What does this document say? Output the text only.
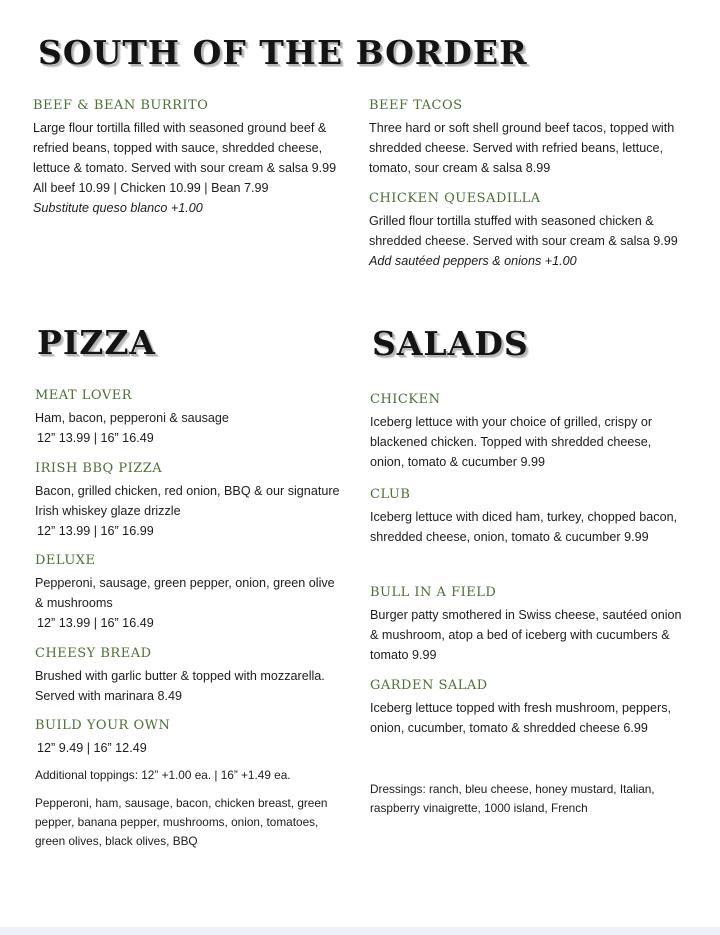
SOUTH OF THE BORDER

BEEF & BEAN BURRITO

Large flour tortilla filled with seasoned ground beef & refried beans, topped with sauce, shredded cheese, lettuce & tomato. Served with sour cream & salsa 9.99

All beef 10.99 | Chicken 10.99 | Bean 7.99

Substitute queso blanco +1.00

BEEF TACOS

Three hard or soft shell ground beef tacos, topped with shredded cheese. Served with refried beans, lettuce, tomato, sour cream & salsa 8.99

CHICKEN QUESADILLA

Grilled flour tortilla stuffed with seasoned chicken & shredded cheese. Served with sour cream & salsa 9.99

Add sautéed peppers & onions +1.00

PIZZA

MEAT LOVER

Ham, bacon, pepperoni & sausage

12” 13.99 | 16” 16.49

IRISH BBQ PIZZA

Bacon, grilled chicken, red onion, BBQ & our signature Irish whiskey glaze drizzle

12” 13.99 | 16” 16.99

DELUXE

Pepperoni, sausage, green pepper, onion, green olive & mushrooms

12” 13.99 | 16” 16.49

CHEESY BREAD

Brushed with garlic butter & topped with mozzarella. Served with marinara 8.49

BUILD YOUR OWN

12” 9.49 | 16” 12.49

Additional toppings: 12” +1.00 ea. | 16” +1.49 ea.

Pepperoni, ham, sausage, bacon, chicken breast, green pepper, banana pepper, mushrooms, onion, tomatoes, green olives, black olives, BBQ

SALADS

CHICKEN

Iceberg lettuce with your choice of grilled, crispy or blackened chicken. Topped with shredded cheese, onion, tomato & cucumber 9.99

CLUB

Iceberg lettuce with diced ham, turkey, chopped bacon, shredded cheese, onion, tomato & cucumber 9.99

BULL IN A FIELD

Burger patty smothered in Swiss cheese, sautéed onion & mushroom, atop a bed of iceberg with cucumbers & tomato 9.99

GARDEN SALAD

Iceberg lettuce topped with fresh mushroom, peppers, onion, cucumber, tomato & shredded cheese 6.99

Dressings: ranch, bleu cheese, honey mustard, Italian, raspberry vinaigrette, 1000 island, French
